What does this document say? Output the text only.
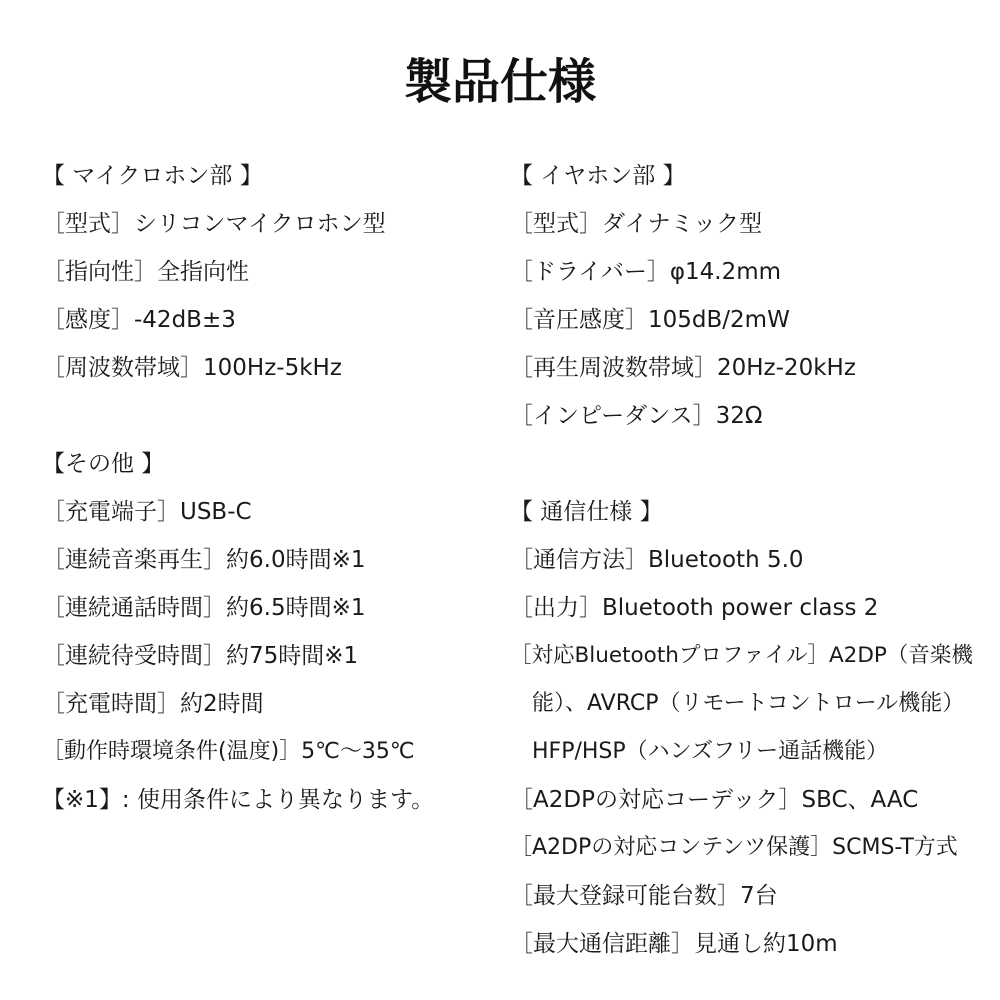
製品仕様
【 マイクロホン部 】
［型式］シリコンマイクロホン型
［指向性］全指向性
［感度］-42dB±3
［周波数帯域］100Hz-5kHz
【その他 】
［充電端子］USB-C
［連続音楽再生］約6.0時間※1
［連続通話時間］約6.5時間※1
［連続待受時間］約75時間※1
［充電時間］約2時間
［動作時環境条件(温度)］5℃〜35℃
【※1】: 使用条件により異なります。
【 イヤホン部 】
［型式］ダイナミック型
［ドライバー］φ14.2mm
［音圧感度］105dB/2mW
［再生周波数帯域］20Hz-20kHz
［インピーダンス］32Ω
【 通信仕様 】
［通信方法］Bluetooth 5.0
［出力］Bluetooth power class 2
［対応Bluetoothプロファイル］A2DP（音楽機
能）、AVRCP（リモートコントロール機能）
HFP/HSP（ハンズフリー通話機能）
［A2DPの対応コーデック］SBC、AAC
［A2DPの対応コンテンツ保護］SCMS-T方式
［最大登録可能台数］7台
［最大通信距離］見通し約10m
